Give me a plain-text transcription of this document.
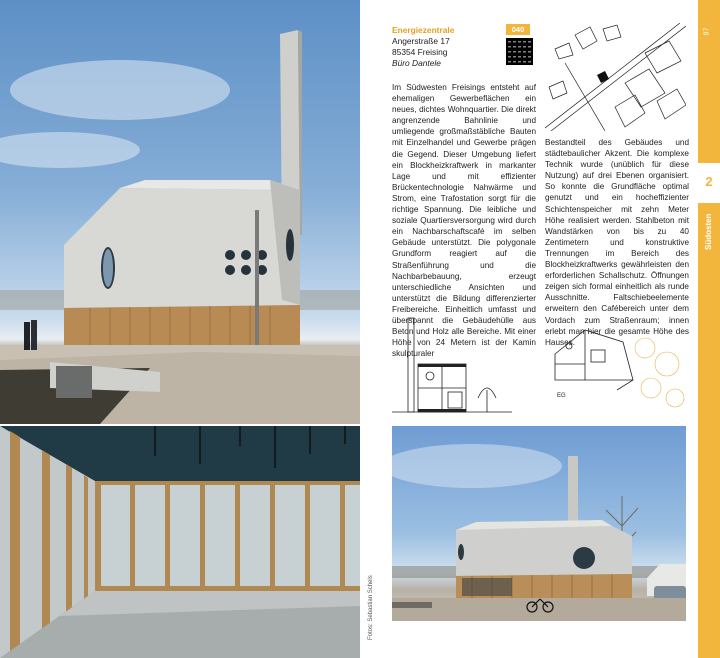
Fotos: Sebastian Schels
97
2
Südosten
Energiezentrale
Angerstraße 17
85354 Freising
Büro Dantele
040
Im Südwesten Freisings entsteht auf ehemaligen Gewerbeflächen ein neues, dichtes Wohnquartier. Die direkt angrenzende Bahnlinie und umliegende großmaßstäbliche Bauten mit Einzelhandel und Gewerbe prägen die Gegend. Dieser Umgebung liefert ein Blockheizkraftwerk in markanter Lage und mit effizienter Brückentechnologie Nahwärme und Strom, eine Trafostation sorgt für die richtige Spannung. Die leibliche und soziale Quartiersversorgung wird durch ein Nachbarschaftscafé im selben Gebäude unterstützt. Die polygonale Grundform reagiert auf die Straßenführung und die Nachbarbebauung, erzeugt unterschiedliche Ansichten und unterstützt die Bildung differenzierter Freibereiche. Einheitlich umfasst und überspannt die Gebäudehülle aus Beton und Holz alle Bereiche. Mit einer Höhe von 24 Metern ist der Kamin skulpturaler
Bestandteil des Gebäudes und städtebaulicher Akzent. Die komplexe Technik wurde (unüblich für diese Nutzung) auf drei Ebenen organisiert. So konnte die Grundfläche optimal genutzt und ein hocheffizienter Schichtenspeicher mit zehn Meter Höhe realisiert werden. Stahlbeton mit Wandstärken von bis zu 40 Zentimetern und konstruktive Trennungen im Bereich des Blockheizkraftwerks gewährleisten den erforderlichen Schallschutz. Öffnungen zeigen sich formal einheitlich als runde Ausschnitte. Faltschiebeelemente erweitern den Cafébereich unter dem Vordach zum Straßenraum; innen erlebt man hier die gesamte Höhe des Hauses.
EG
